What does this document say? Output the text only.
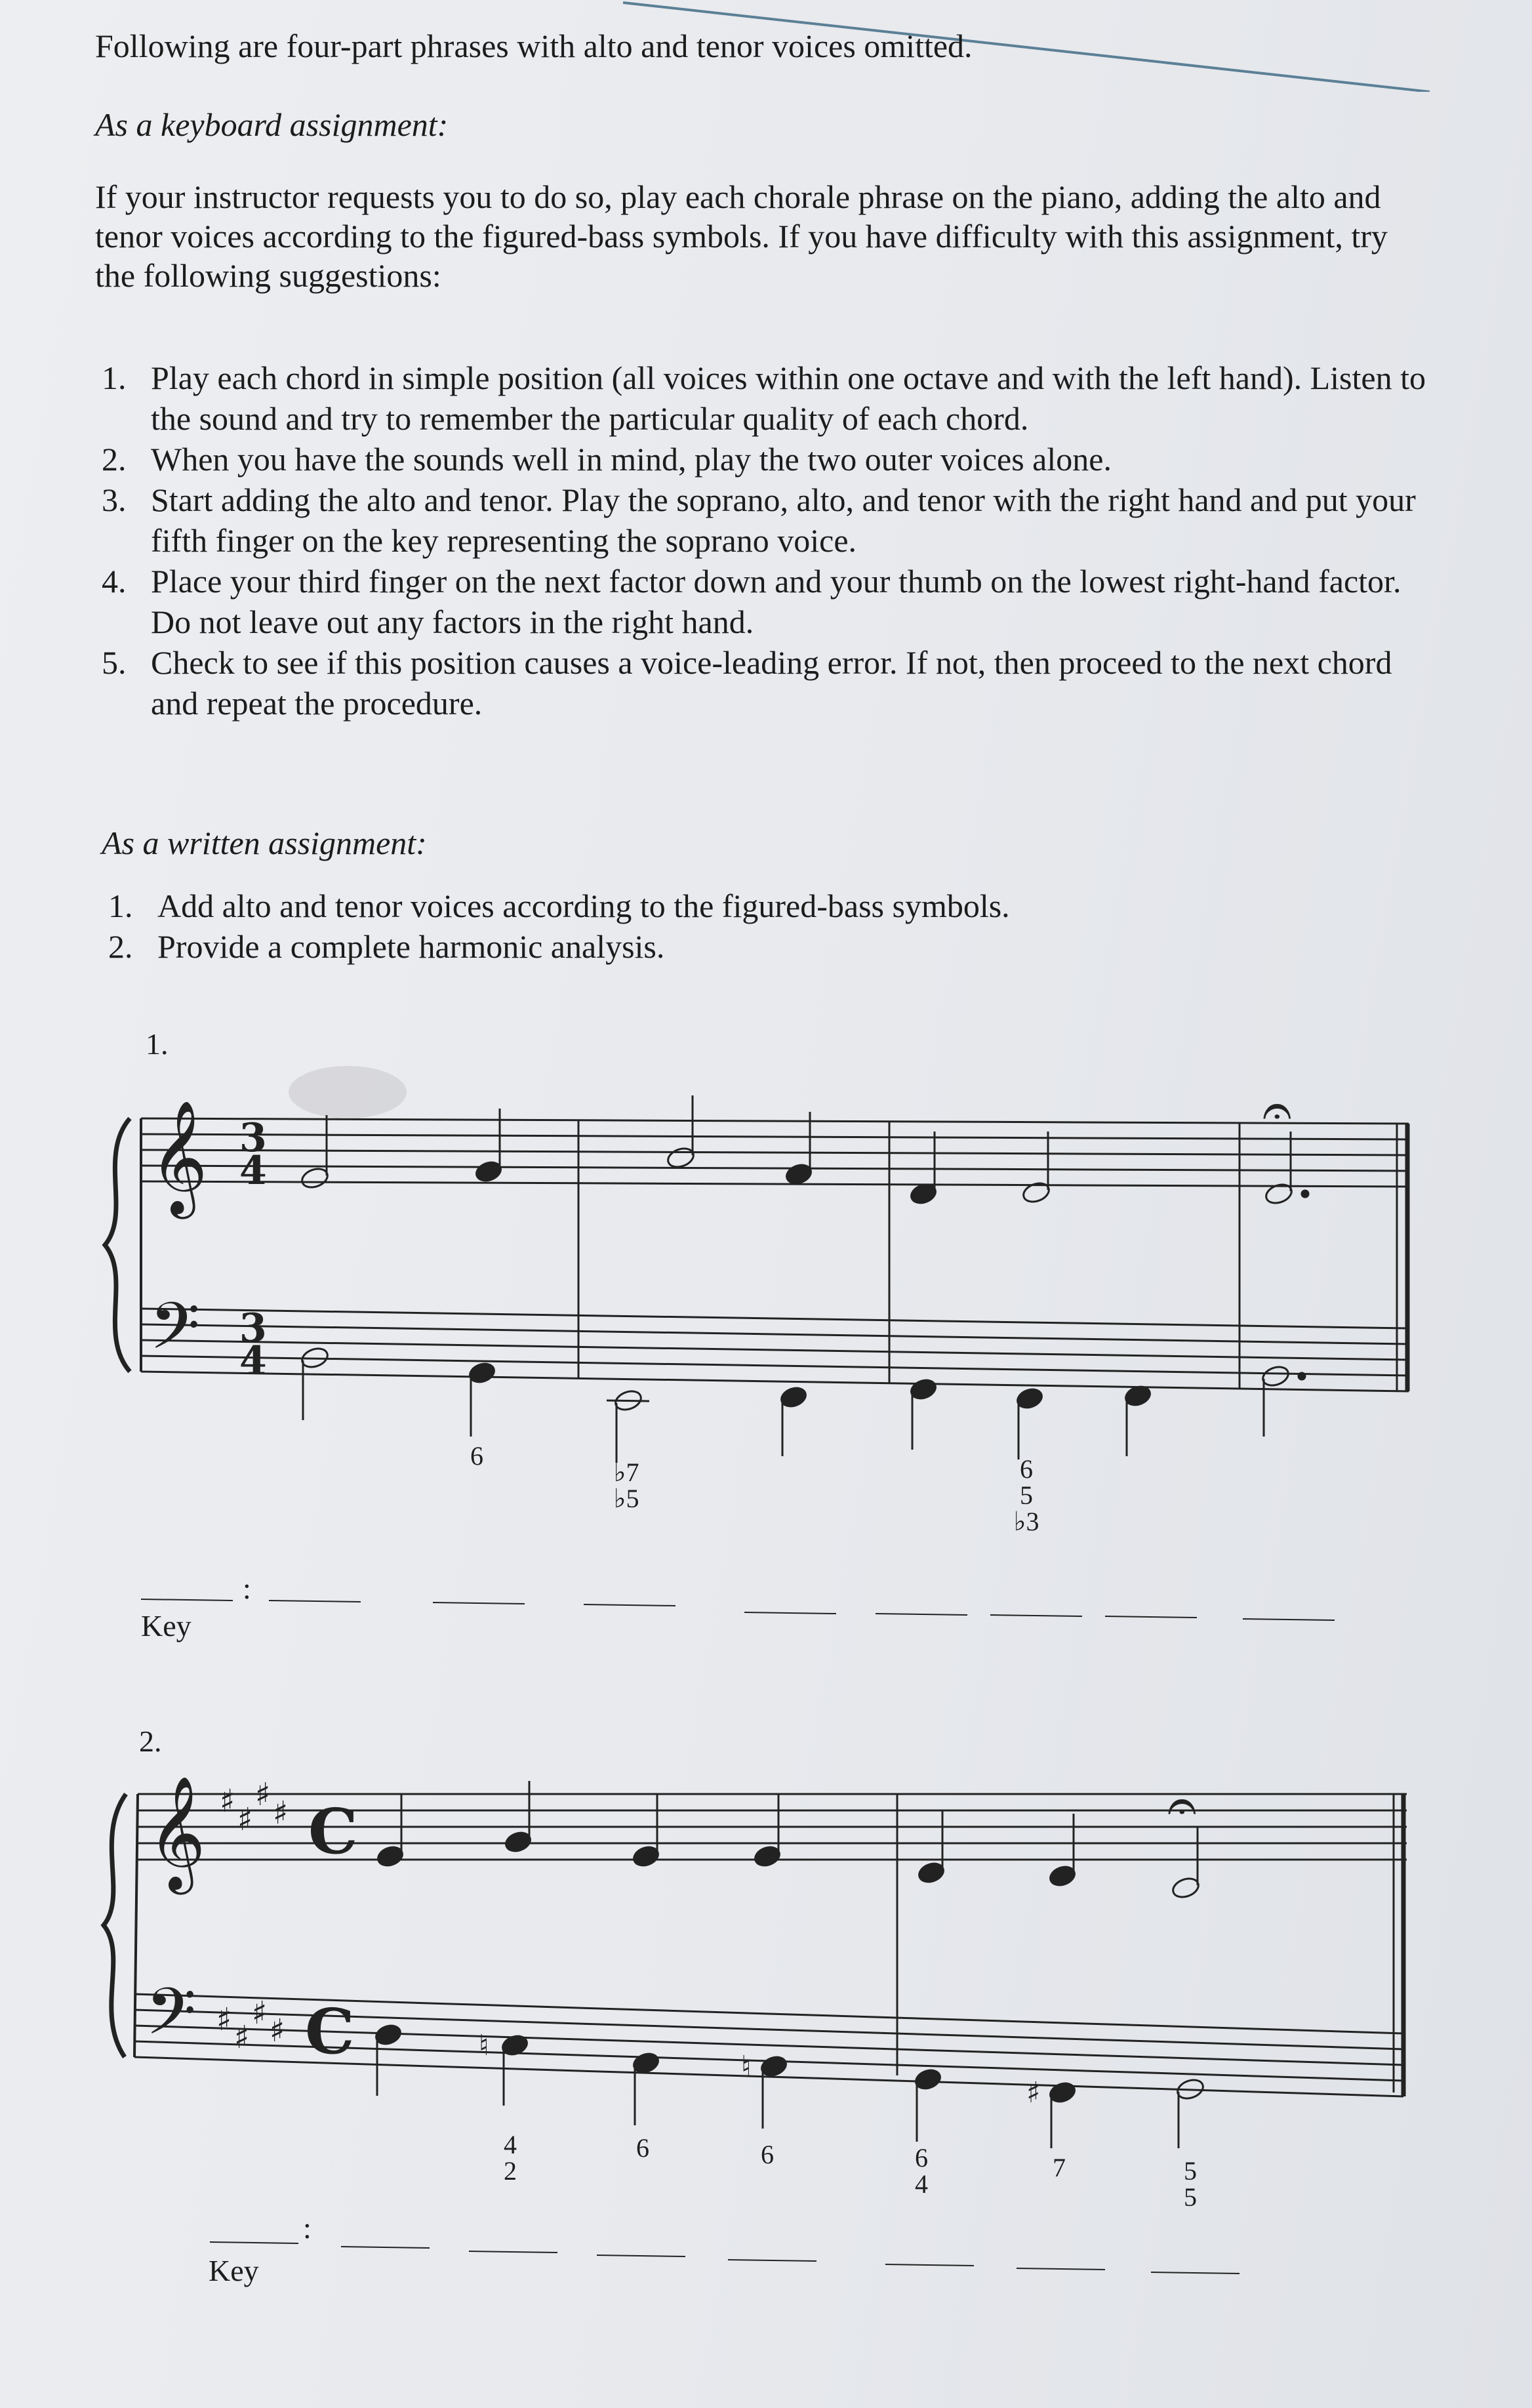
Following are four-part phrases with alto and tenor voices omitted.
As a keyboard assignment:
If your instructor requests you to do so, play each chorale phrase on the piano, adding the alto and tenor voices according to the figured-bass symbols. If you have difficulty with this assignment, try the following suggestions:
1. Play each chord in simple position (all voices within one octave and with the left hand). Listen to the sound and try to remember the particular quality of each chord.
2. When you have the sounds well in mind, play the two outer voices alone.
3. Start adding the alto and tenor. Play the soprano, alto, and tenor with the right hand and put your fifth finger on the key representing the soprano voice.
4. Place your third finger on the next factor down and your thumb on the lowest right-hand factor. Do not leave out any factors in the right hand.
5. Check to see if this position causes a voice-leading error. If not, then proceed to the next chord and repeat the procedure.
As a written assignment:
1. Add alto and tenor voices according to the figured-bass symbols.
2. Provide a complete harmonic analysis.
1.
𝄞
𝄢
3
4
3
4
𝄐
6
♭7
♭5
6
5
♭3
:
Key
2.
𝄞
𝄢
♯ ♯
♯ ♯
♯ ♯
♯ ♯
C
C
𝄐
♮
♮
♯
4
2
6	6	6
4
7	5
5
:
Key
